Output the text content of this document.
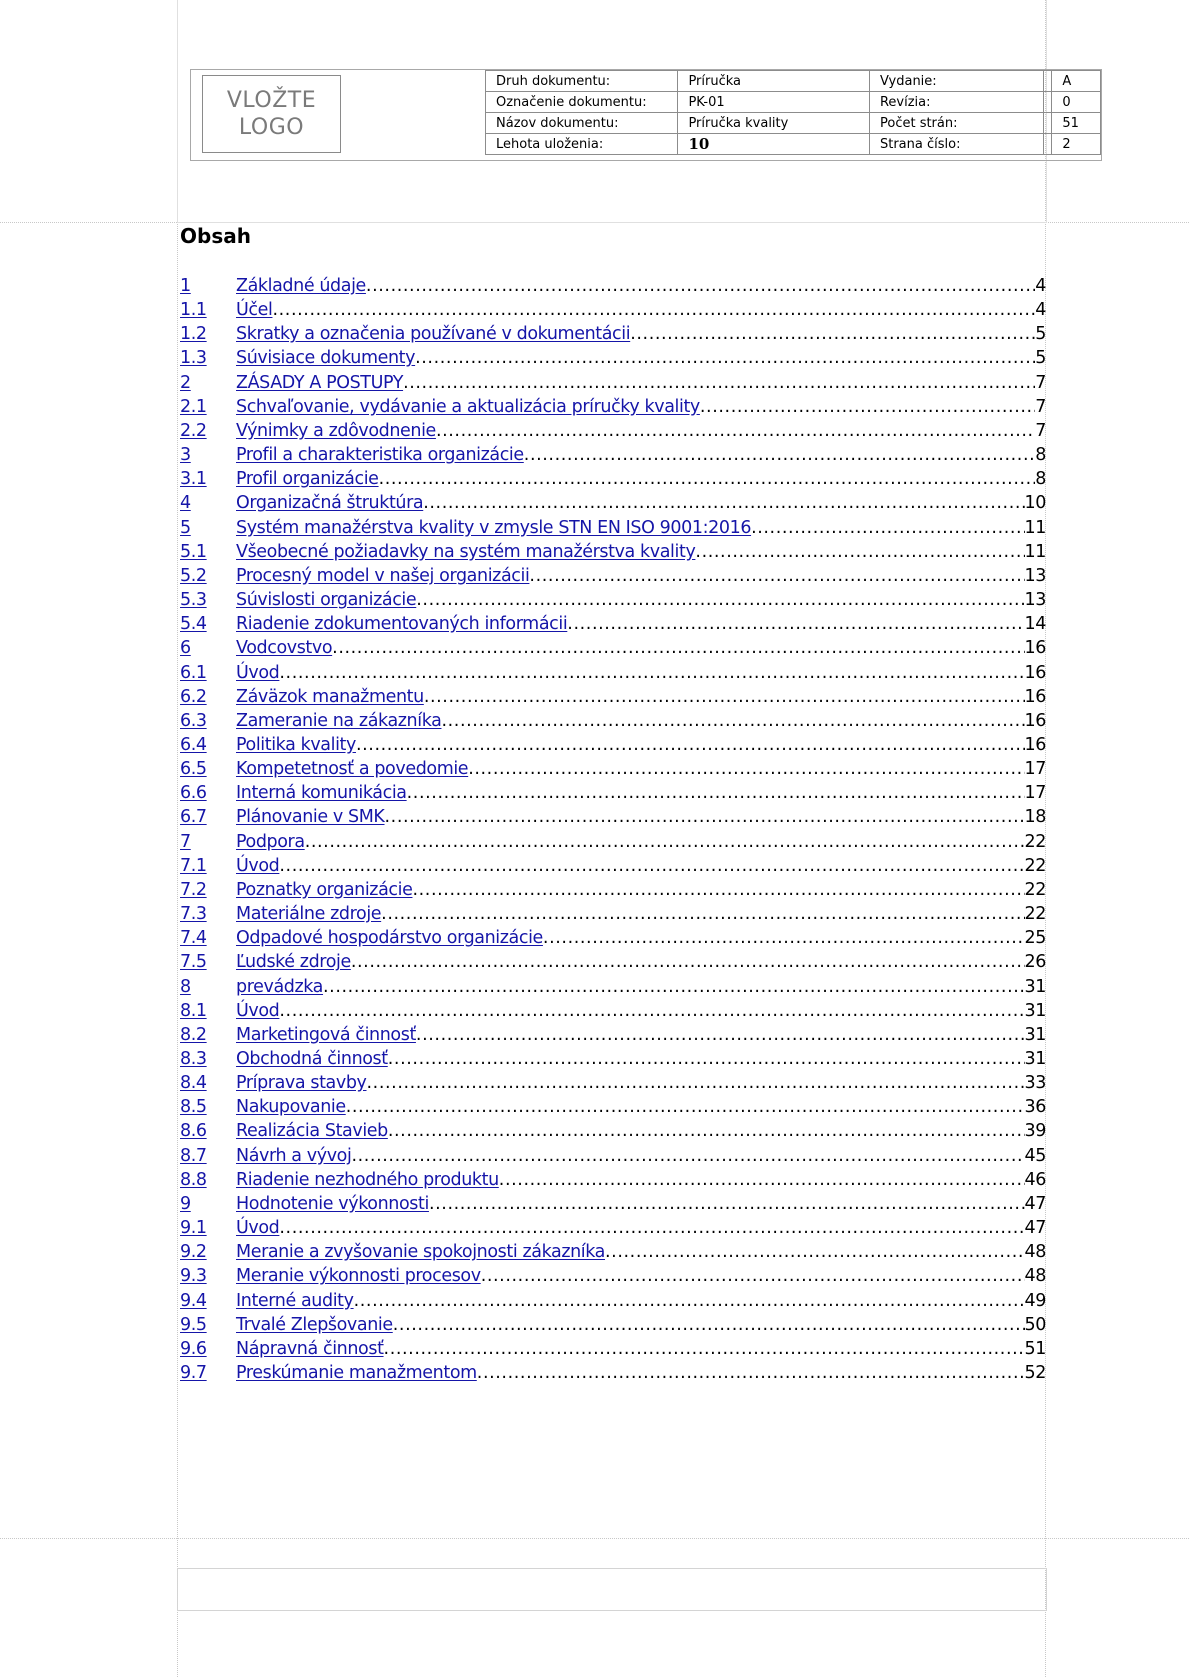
VLOŽTE
LOGO
Druh dokumentu:	Príručka	Vydanie:		A
Označenie dokumentu:	PK-01	Revízia:		0
Názov dokumentu:	Príručka kvality	Počet strán:		51
Lehota uloženia:	10	Strana číslo:		2
Obsah
1	Základné údaje .....	4
1.1	Účel .....	4
1.2	Skratky a označenia používané v dokumentácii .....	5
1.3	Súvisiace dokumenty .....	5
2	ZÁSADY A POSTUPY .....	7
2.1	Schvaľovanie, vydávanie a aktualizácia príručky kvality .....	7
2.2	Výnimky a zdôvodnenie .....	7
3	Profil a charakteristika organizácie .....	8
3.1	Profil organizácie .....	8
4	Organizačná štruktúra .....	10
5	Systém manažérstva kvality v zmysle STN EN ISO 9001:2016 .....	11
5.1	Všeobecné požiadavky na systém manažérstva kvality .....	11
5.2	Procesný model v našej organizácii .....	13
5.3	Súvislosti organizácie .....	13
5.4	Riadenie zdokumentovaných informácii .....	14
6	Vodcovstvo .....	16
6.1	Úvod .....	16
6.2	Záväzok manažmentu .....	16
6.3	Zameranie na zákazníka .....	16
6.4	Politika kvality .....	16
6.5	Kompetetnosť a povedomie .....	17
6.6	Interná komunikácia .....	17
6.7	Plánovanie v SMK .....	18
7	Podpora .....	22
7.1	Úvod .....	22
7.2	Poznatky organizácie .....	22
7.3	Materiálne zdroje .....	22
7.4	Odpadové hospodárstvo organizácie .....	25
7.5	Ľudské zdroje .....	26
8	prevádzka .....	31
8.1	Úvod .....	31
8.2	Marketingová činnosť .....	31
8.3	Obchodná činnosť .....	31
8.4	Príprava stavby .....	33
8.5	Nakupovanie .....	36
8.6	Realizácia Stavieb .....	39
8.7	Návrh a vývoj .....	45
8.8	Riadenie nezhodného produktu .....	46
9	Hodnotenie výkonnosti .....	47
9.1	Úvod .....	47
9.2	Meranie a zvyšovanie spokojnosti zákazníka .....	48
9.3	Meranie výkonnosti procesov .....	48
9.4	Interné audity .....	49
9.5	Trvalé Zlepšovanie .....	50
9.6	Nápravná činnosť .....	51
9.7	Preskúmanie manažmentom .....	52
